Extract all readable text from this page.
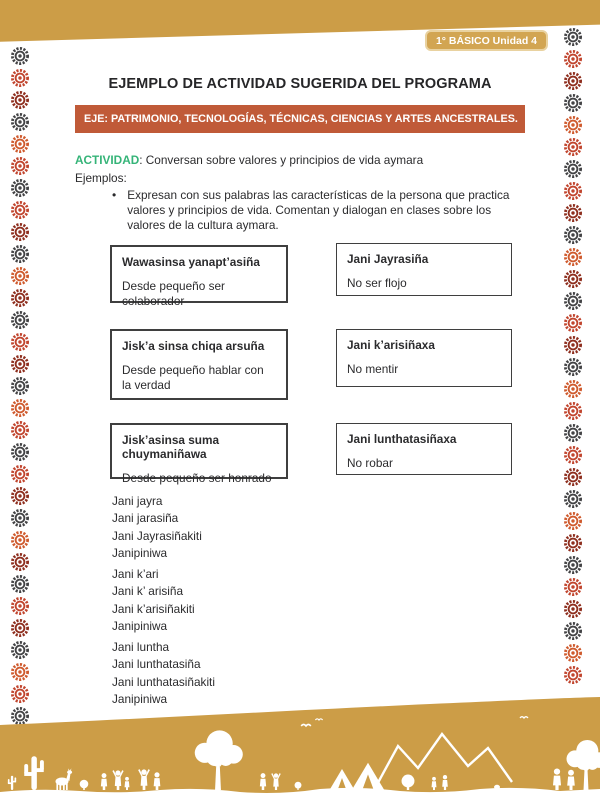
1° BÁSICO Unidad 4
EJEMPLO DE ACTIVIDAD SUGERIDA DEL PROGRAMA
EJE: PATRIMONIO, TECNOLOGÍAS, TÉCNICAS, CIENCIAS Y ARTES ANCESTRALES.
ACTIVIDAD: Conversan sobre valores y principios de vida aymara
Ejemplos:
• Expresan con sus palabras las características de la persona que practica valores y principios de vida. Comentan y dialogan en clases sobre los valores de la cultura aymara.
Wawasinsa yanapt’asiña
Desde pequeño ser colaborador
Jani Jayrasiña
No ser flojo
Jisk’a sinsa chiqa arsuña
Desde pequeño hablar con la verdad
Jani k’arisiñaxa
No mentir
Jisk’asinsa suma chuymaniñawa
Desde pequeño ser honrado
Jani lunthatasiñaxa
No robar
Jani jayra
Jani jarasiña
Jani Jayrasiñakiti
Janipiniwa
Jani k’ari
Jani k’ arisiña
Jani k’arisiñakiti
Janipiniwa
Jani luntha
Jani lunthatasiña
Jani lunthatasiñakiti
Janipiniwa
